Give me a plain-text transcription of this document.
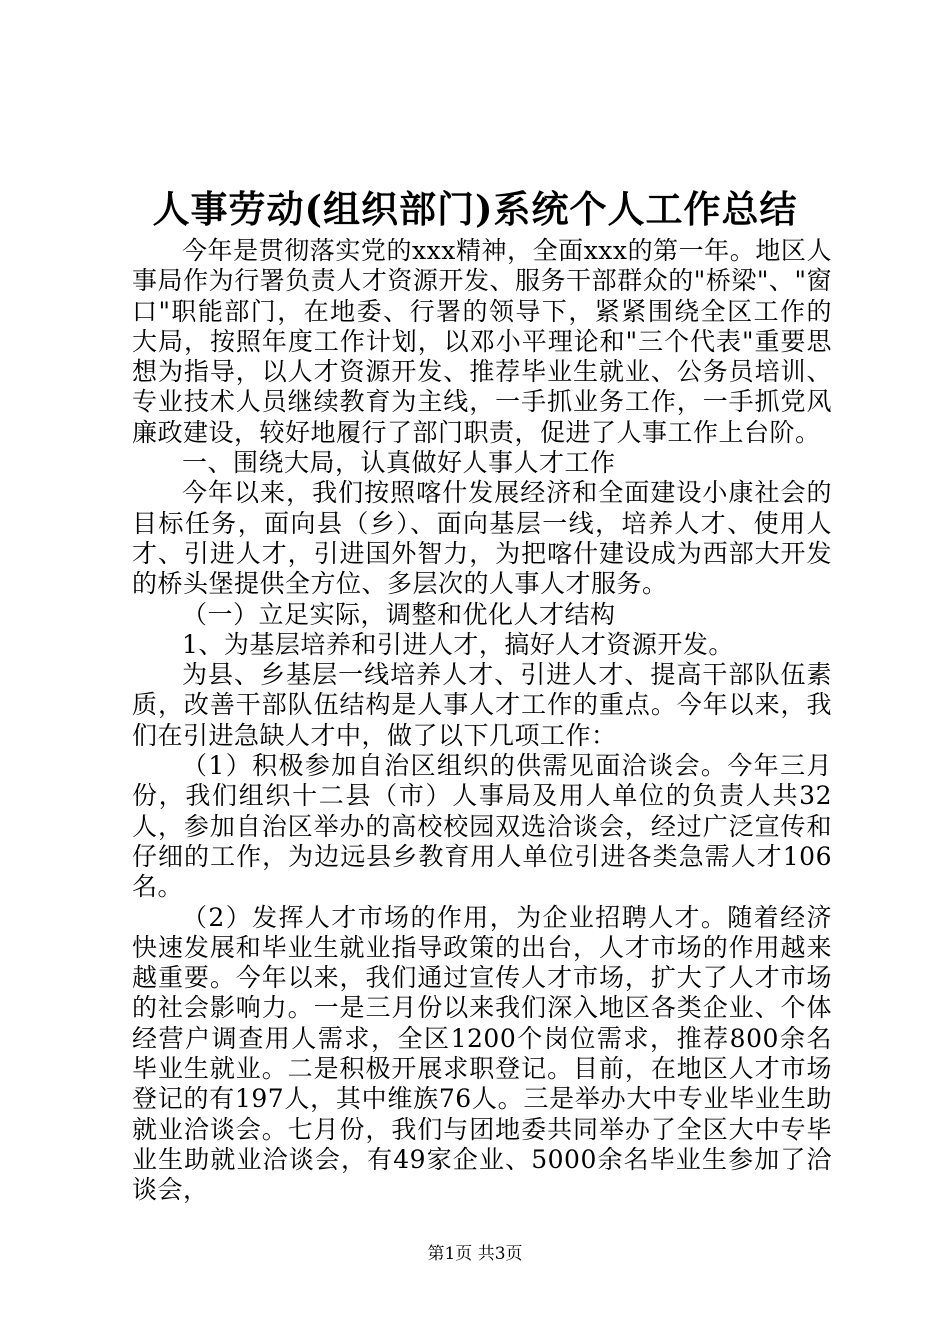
人事劳动(组织部门)系统个人工作总结

今年是贯彻落实党的xxx精神，全面xxx的第一年。地区人事局作为行署负责人才资源开发、服务干部群众的"桥梁"、"窗口"职能部门，在地委、行署的领导下，紧紧围绕全区工作的大局，按照年度工作计划，以邓小平理论和"三个代表"重要思想为指导，以人才资源开发、推荐毕业生就业、公务员培训、专业技术人员继续教育为主线，一手抓业务工作，一手抓党风廉政建设，较好地履行了部门职责，促进了人事工作上台阶。

一、围绕大局，认真做好人事人才工作

今年以来，我们按照喀什发展经济和全面建设小康社会的目标任务，面向县（乡）、面向基层一线，培养人才、使用人才、引进人才，引进国外智力，为把喀什建设成为西部大开发的桥头堡提供全方位、多层次的人事人才服务。

（一）立足实际，调整和优化人才结构

1、为基层培养和引进人才，搞好人才资源开发。

为县、乡基层一线培养人才、引进人才、提高干部队伍素质，改善干部队伍结构是人事人才工作的重点。今年以来，我们在引进急缺人才中，做了以下几项工作：

（1）积极参加自治区组织的供需见面洽谈会。今年三月份，我们组织十二县（市）人事局及用人单位的负责人共32人，参加自治区举办的高校校园双选洽谈会，经过广泛宣传和仔细的工作，为边远县乡教育用人单位引进各类急需人才106名。

（2）发挥人才市场的作用，为企业招聘人才。随着经济快速发展和毕业生就业指导政策的出台，人才市场的作用越来越重要。今年以来，我们通过宣传人才市场，扩大了人才市场的社会影响力。一是三月份以来我们深入地区各类企业、个体经营户调查用人需求，全区1200个岗位需求，推荐800余名毕业生就业。二是积极开展求职登记。目前，在地区人才市场登记的有197人，其中维族76人。三是举办大中专业毕业生助就业洽谈会。七月份，我们与团地委共同举办了全区大中专毕业生助就业洽谈会，有49家企业、5000余名毕业生参加了洽谈会，

第1页 共3页
